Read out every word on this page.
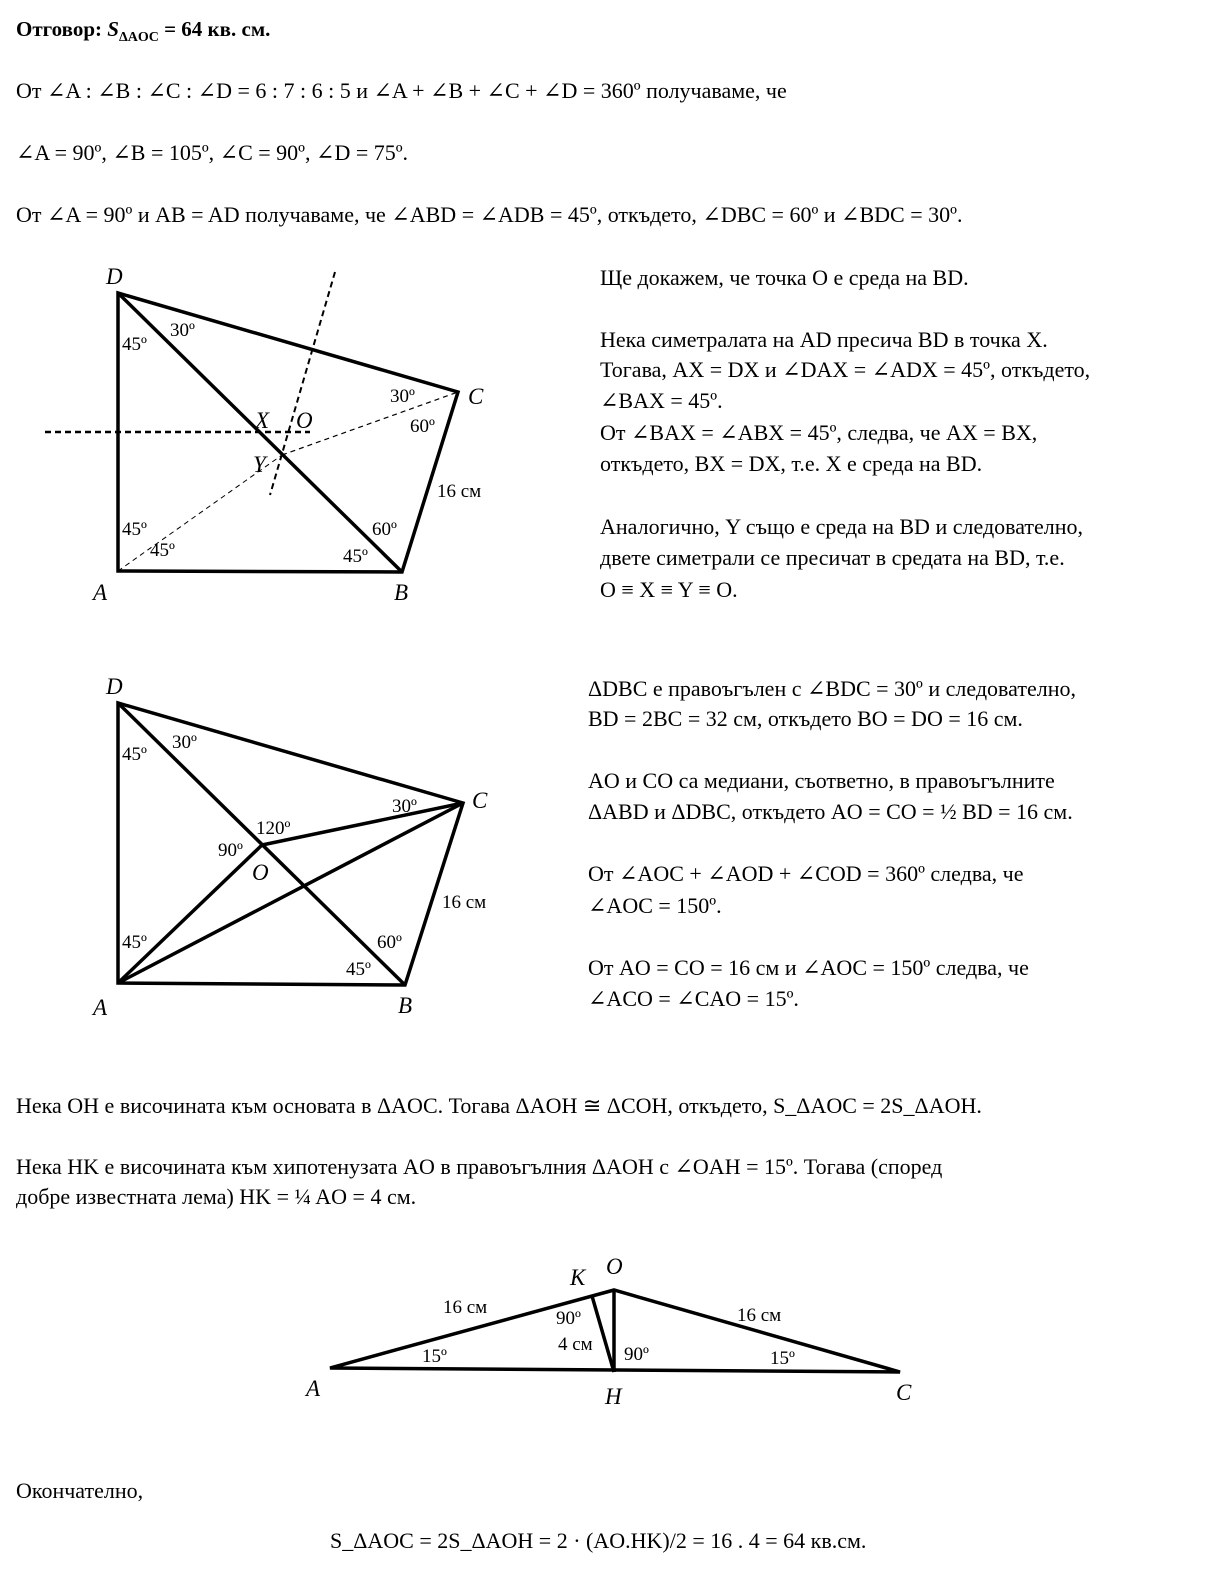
Отговор: $S_{\Delta AOC} = 64$ кв. см.
От ∠A : ∠B : ∠C : ∠D = 6 : 7 : 6 : 5 и ∠A + ∠B + ∠C + ∠D = 360º получаваме, че
∠A = 90º, ∠B = 105º, ∠C = 90º, ∠D = 75º.
От ∠A = 90º и AB = AD получаваме, че ∠ABD = ∠ADB = 45º, откъдето, ∠DBC = 60º и ∠BDC = 30º.
Ще докажем, че точка O е среда на BD.
Нека симетралата на AD пресича BD в точка X.
Тогава, AX = DX и ∠DAX = ∠ADX = 45º, откъдето,
∠BAX = 45º.
От ∠BAX = ∠ABX = 45º, следва, че AX = BX,
откъдето, BX = DX, т.е. X е среда на BD.
Аналогично, Y също е среда на BD и следователно,
двете симетрали се пресичат в средата на BD, т.е.
O ≡ X ≡ Y ≡ O.
ΔDBC е правоъгълен с ∠BDC = 30º и следователно,
BD = 2BC = 32 см, откъдето BO = DO = 16 см.
AO и CO са медиани, съответно, в правоъгълните
ΔABD и ΔDBC, откъдето AO = CO = ½ BD = 16 см.
От ∠AOC + ∠AOD + ∠COD = 360º следва, че
∠AOC = 150º.
От AO = CO = 16 см и ∠AOC = 150º следва, че
∠ACO = ∠CAO = 15º.
Нека OH е височината към основата в ΔAOC. Тогава ΔAOH ≅ ΔCOH, откъдето, S_ΔAOC = 2S_ΔAOH.
Нека HK е височината към хипотенузата AO в правоъгълния ΔAOH с ∠OAH = 15º. Тогава (според
добре известната лема) HK = ¼ AO = 4 см.
Окончателно,
S_ΔAOC = 2S_ΔAOH = 2 · (AO.HK)/2 = 16 . 4 = 64 кв.см.
D
A	B
C
X O
Y
45º
30º
30º
60º
16 см
45º
45º
60º
45º
D
A	B
C
O
45º
30º
30º
120º
90º
16 см
45º	60º
45º
A
O
C
H
K
16 см	16 см
15º	15º
90º
4 см 90º
